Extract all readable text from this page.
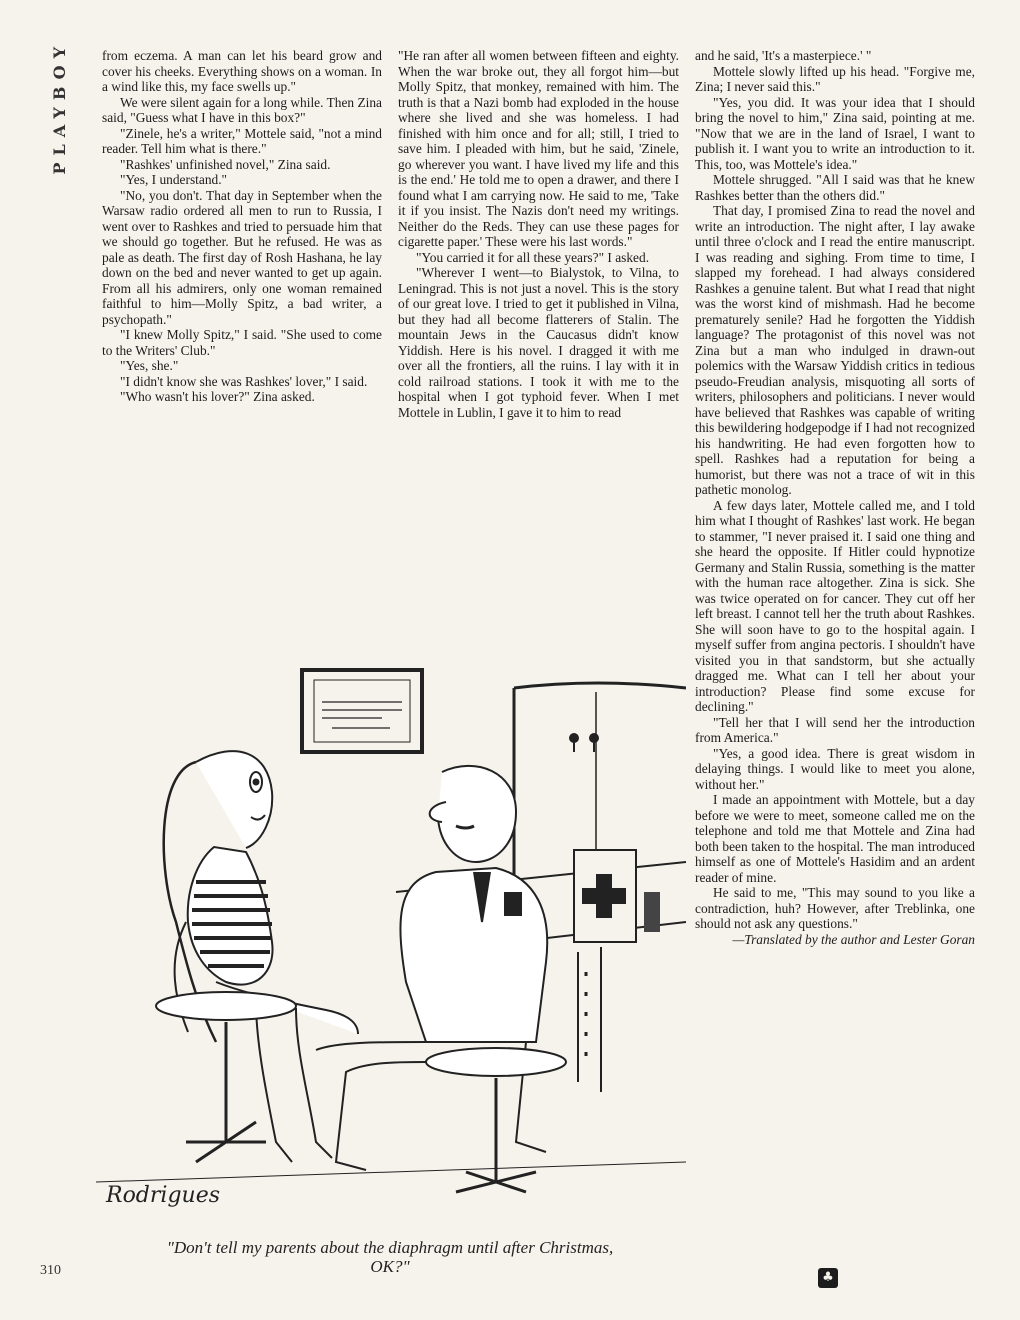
PLAYBOY from eczema. A man can let his beard grow and cover his cheeks. Everything shows on a woman. In a wind like this, my face swells up."

We were silent again for a long while. Then Zina said, "Guess what I have in this box?"

"Zinele, he's a writer," Mottele said, "not a mind reader. Tell him what is there."

"Rashkes' unfinished novel," Zina said.

"Yes, I understand."

"No, you don't. That day in September when the Warsaw radio ordered all men to run to Russia, I went over to Rashkes and tried to persuade him that we should go together. But he refused. He was as pale as death. The first day of Rosh Hashana, he lay down on the bed and never wanted to get up again. From all his admirers, only one woman remained faithful to him—Molly Spitz, a bad writer, a psychopath."

"I knew Molly Spitz," I said. "She used to come to the Writers' Club."

"Yes, she."

"I didn't know she was Rashkes' lover," I said.

"Who wasn't his lover?" Zina asked.

"He ran after all women between fifteen and eighty. When the war broke out, they all forgot him—but Molly Spitz, that monkey, remained with him. The truth is that a Nazi bomb had exploded in the house where she lived and she was homeless. I had finished with him once and for all; still, I tried to save him. I pleaded with him, but he said, 'Zinele, go wherever you want. I have lived my life and this is the end.' He told me to open a drawer, and there I found what I am carrying now. He said to me, 'Take it if you insist. The Nazis don't need my writings. Neither do the Reds. They can use these pages for cigarette paper.' These were his last words."

"You carried it for all these years?" I asked.

"Wherever I went—to Bialystok, to Vilna, to Leningrad. This is not just a novel. This is the story of our great love. I tried to get it published in Vilna, but they had all become flatterers of Stalin. The mountain Jews in the Caucasus didn't know Yiddish. Here is his novel. I dragged it with me over all the frontiers, all the ruins. I lay with it in cold railroad stations. I took it with me to the hospital when I got typhoid fever. When I met Mottele in Lublin, I gave it to him to read

and he said, 'It's a masterpiece.' "

Mottele slowly lifted up his head. "Forgive me, Zina; I never said this."

"Yes, you did. It was your idea that I should bring the novel to him," Zina said, pointing at me. "Now that we are in the land of Israel, I want to publish it. I want you to write an introduction to it. This, too, was Mottele's idea."

Mottele shrugged. "All I said was that he knew Rashkes better than the others did."

That day, I promised Zina to read the novel and write an introduction. The night after, I lay awake until three o'clock and I read the entire manuscript. I was reading and sighing. From time to time, I slapped my forehead. I had always considered Rashkes a genuine talent. But what I read that night was the worst kind of mishmash. Had he become prematurely senile? Had he forgotten the Yiddish language? The protagonist of this novel was not Zina but a man who indulged in drawn-out polemics with the Warsaw Yiddish critics in tedious pseudo-Freudian analysis, misquoting all sorts of writers, philosophers and politicians. I never would have believed that Rashkes was capable of writing this bewildering hodgepodge if I had not recognized his handwriting. He had even forgotten how to spell. Rashkes had a reputation for being a humorist, but there was not a trace of wit in this pathetic monolog.

A few days later, Mottele called me, and I told him what I thought of Rashkes' last work. He began to stammer, "I never praised it. I said one thing and she heard the opposite. If Hitler could hypnotize Germany and Stalin Russia, something is the matter with the human race altogether. Zina is sick. She was twice operated on for cancer. They cut off her left breast. I cannot tell her the truth about Rashkes. She will soon have to go to the hospital again. I myself suffer from angina pectoris. I shouldn't have visited you in that sandstorm, but she actually dragged me. What can I tell her about your introduction? Please find some excuse for declining."

"Tell her that I will send her the introduction from America."

"Yes, a good idea. There is great wisdom in delaying things. I would like to meet you alone, without her."

I made an appointment with Mottele, but a day before we were to meet, someone called me on the telephone and told me that Mottele and Zina had both been taken to the hospital. The man introduced himself as one of Mottele's Hasidim and an ardent reader of mine.

He said to me, "This may sound to you like a contradiction, huh? However, after Treblinka, one should not ask any questions."

—Translated by the author and Lester Goran

Rodrigues
"Don't tell my parents about the diaphragm until after Christmas, OK?"
310	♣
